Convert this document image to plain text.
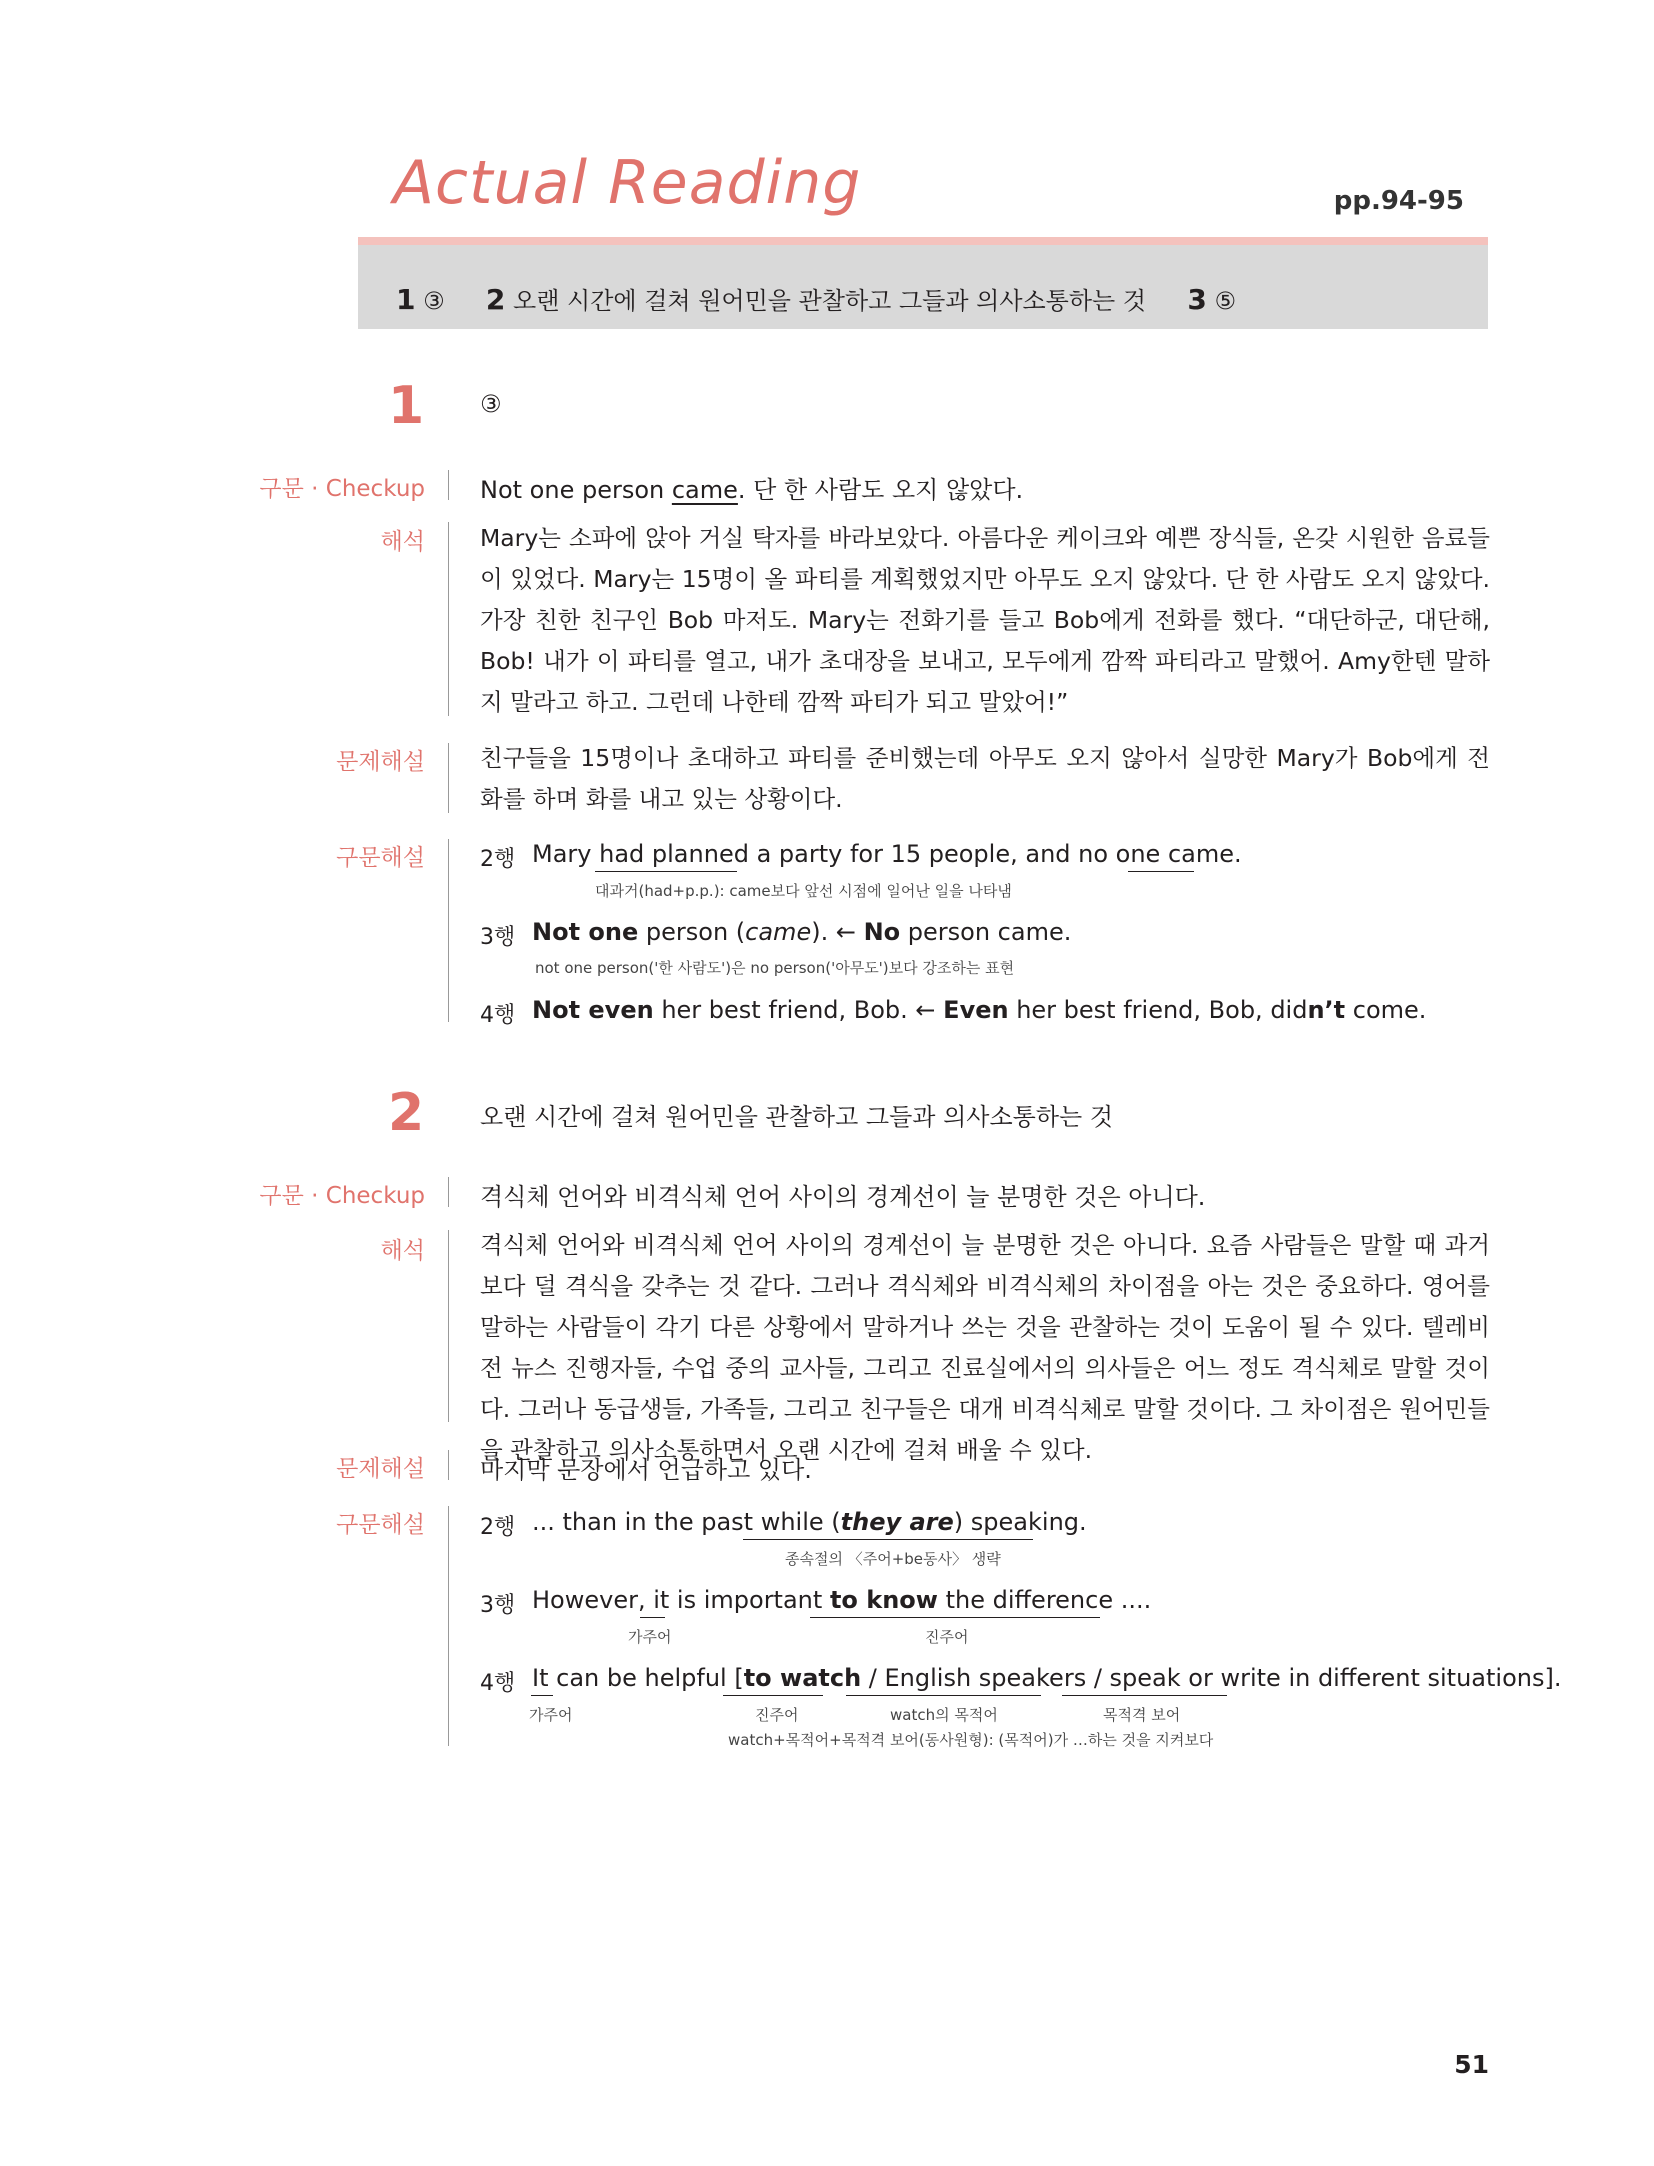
Actual Reading	pp.94-95
1 ③ 2 오랜 시간에 걸쳐 원어민을 관찰하고 그들과 의사소통하는 것 3 ⑤
1 ③
구문 · Checkup Not one person came. 단 한 사람도 오지 않았다.
해석 Mary는 소파에 앉아 거실 탁자를 바라보았다. 아름다운 케이크와 예쁜 장식들, 온갖 시원한 음료들이 있었다. Mary는 15명이 올 파티를 계획했었지만 아무도 오지 않았다. 단 한 사람도 오지 않았다. 가장 친한 친구인 Bob 마저도. Mary는 전화기를 들고 Bob에게 전화를 했다. “대단하군, 대단해, Bob! 내가 이 파티를 열고, 내가 초대장을 보내고, 모두에게 깜짝 파티라고 말했어. Amy한텐 말하지 말라고 하고. 그런데 나한테 깜짝 파티가 되고 말았어!”
문제해설 친구들을 15명이나 초대하고 파티를 준비했는데 아무도 오지 않아서 실망한 Mary가 Bob에게 전화를 하며 화를 내고 있는 상황이다.
구문해설	2행 Mary had planned a party for 15 people, and no one came.
대과거(had+p.p.): came보다 앞선 시점에 일어난 일을 나타냄
3행 Not one person (came). ← No person came.
not one person('한 사람도')은 no person('아무도')보다 강조하는 표현
4행 Not even her best friend, Bob. ← Even her best friend, Bob, didn’t come.
2 오랜 시간에 걸쳐 원어민을 관찰하고 그들과 의사소통하는 것
구문 · Checkup 격식체 언어와 비격식체 언어 사이의 경계선이 늘 분명한 것은 아니다.
해석 격식체 언어와 비격식체 언어 사이의 경계선이 늘 분명한 것은 아니다. 요즘 사람들은 말할 때 과거보다 덜 격식을 갖추는 것 같다. 그러나 격식체와 비격식체의 차이점을 아는 것은 중요하다. 영어를 말하는 사람들이 각기 다른 상황에서 말하거나 쓰는 것을 관찰하는 것이 도움이 될 수 있다. 텔레비전 뉴스 진행자들, 수업 중의 교사들, 그리고 진료실에서의 의사들은 어느 정도 격식체로 말할 것이다. 그러나 동급생들, 가족들, 그리고 친구들은 대개 비격식체로 말할 것이다. 그 차이점은 원어민들을 관찰하고 의사소통하면서 오랜 시간에 걸쳐 배울 수 있다.
문제해설 마지막 문장에서 언급하고 있다.
구문해설	2행 ... than in the past while (they are) speaking.
종속절의 〈주어+be동사〉 생략
3행 However, it is important to know the difference ....
가주어	진주어
4행 It can be helpful [to watch / English speakers / speak or write in different situations].
가주어	진주어	watch의 목적어	목적격 보어
watch+목적어+목적격 보어(동사원형): (목적어)가 …하는 것을 지켜보다
51
